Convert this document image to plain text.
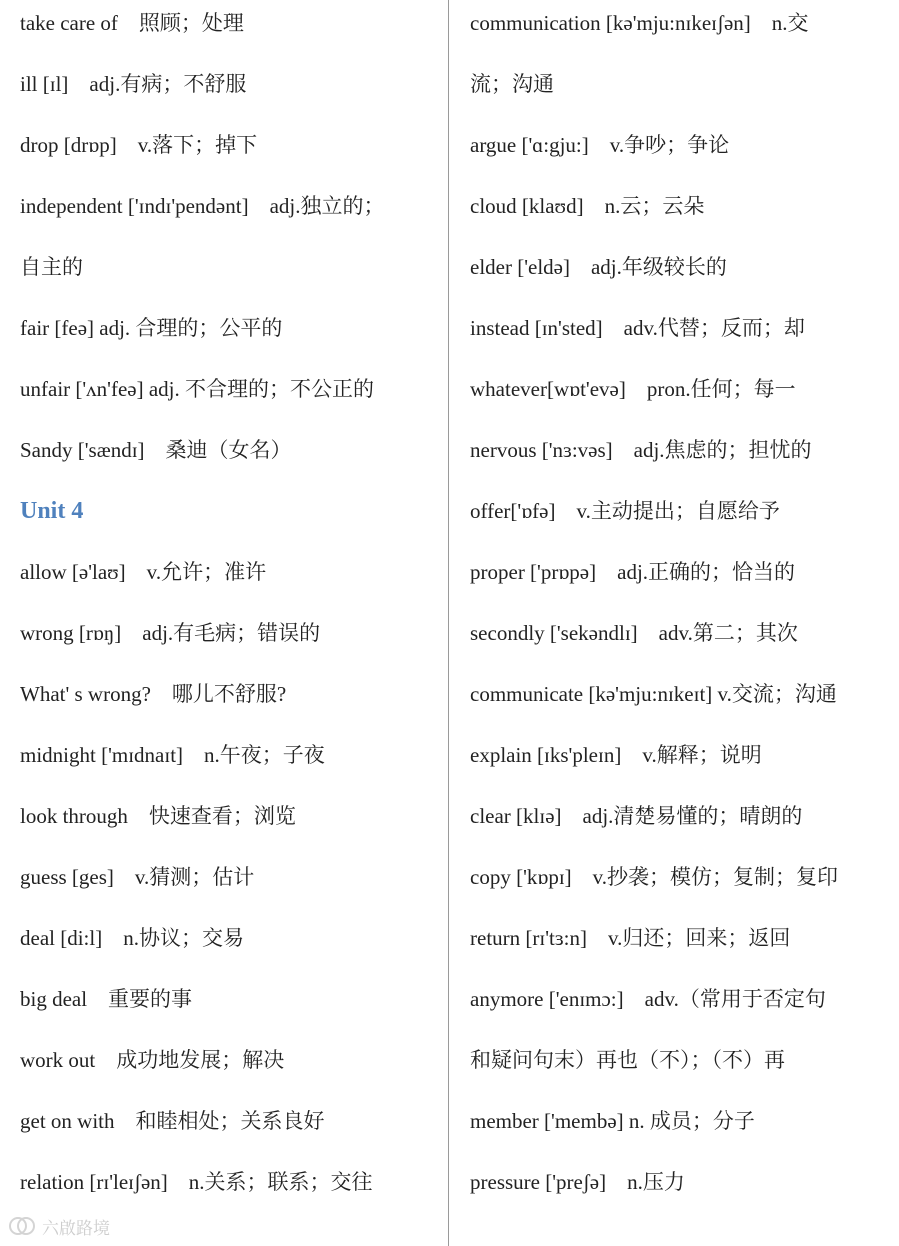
take care of　照顾；处理
ill [ɪl]　adj.有病；不舒服
drop [drɒp]　v.落下；掉下
independent ['ɪndɪ'pendənt]　adj.独立的；
自主的
fair [feə] adj. 合理的；公平的
unfair ['ʌn'feə] adj. 不合理的；不公正的
Sandy ['sændɪ]　桑迪（女名）
Unit 4
allow [ə'laʊ]　v.允许；准许
wrong [rɒŋ]　adj.有毛病；错误的
What' s wrong?　哪儿不舒服?
midnight ['mɪdnaɪt]　n.午夜；子夜
look through　快速查看；浏览
guess [ges]　v.猜测；估计
deal [di:l]　n.协议；交易
big deal　重要的事
work out　成功地发展；解决
get on with　和睦相处；关系良好
relation [rɪ'leɪʃən]　n.关系；联系；交往
communication [kə'mju:nɪkeɪʃən]　n.交
流；沟通
argue ['ɑ:gju:]　v.争吵；争论
cloud [klaʊd]　n.云；云朵
elder ['eldə]　adj.年级较长的
instead [ɪn'sted]　adv.代替；反而；却
whatever[wɒt'evə]　pron.任何；每一
nervous ['nɜ:vəs]　adj.焦虑的；担忧的
offer['ɒfə]　v.主动提出；自愿给予
proper ['prɒpə]　adj.正确的；恰当的
secondly ['sekəndlɪ]　adv.第二；其次
communicate [kə'mju:nɪkeɪt] v.交流；沟通
explain [ɪks'pleɪn]　v.解释；说明
clear [klɪə]　adj.清楚易懂的；晴朗的
copy ['kɒpɪ]　v.抄袭；模仿；复制；复印
return [rɪ'tɜ:n]　v.归还；回来；返回
anymore ['enɪmɔ:]　adv.（常用于否定句
和疑问句末）再也（不）；（不）再
member ['membə] n. 成员；分子
pressure ['preʃə]　n.压力
六啟路境
